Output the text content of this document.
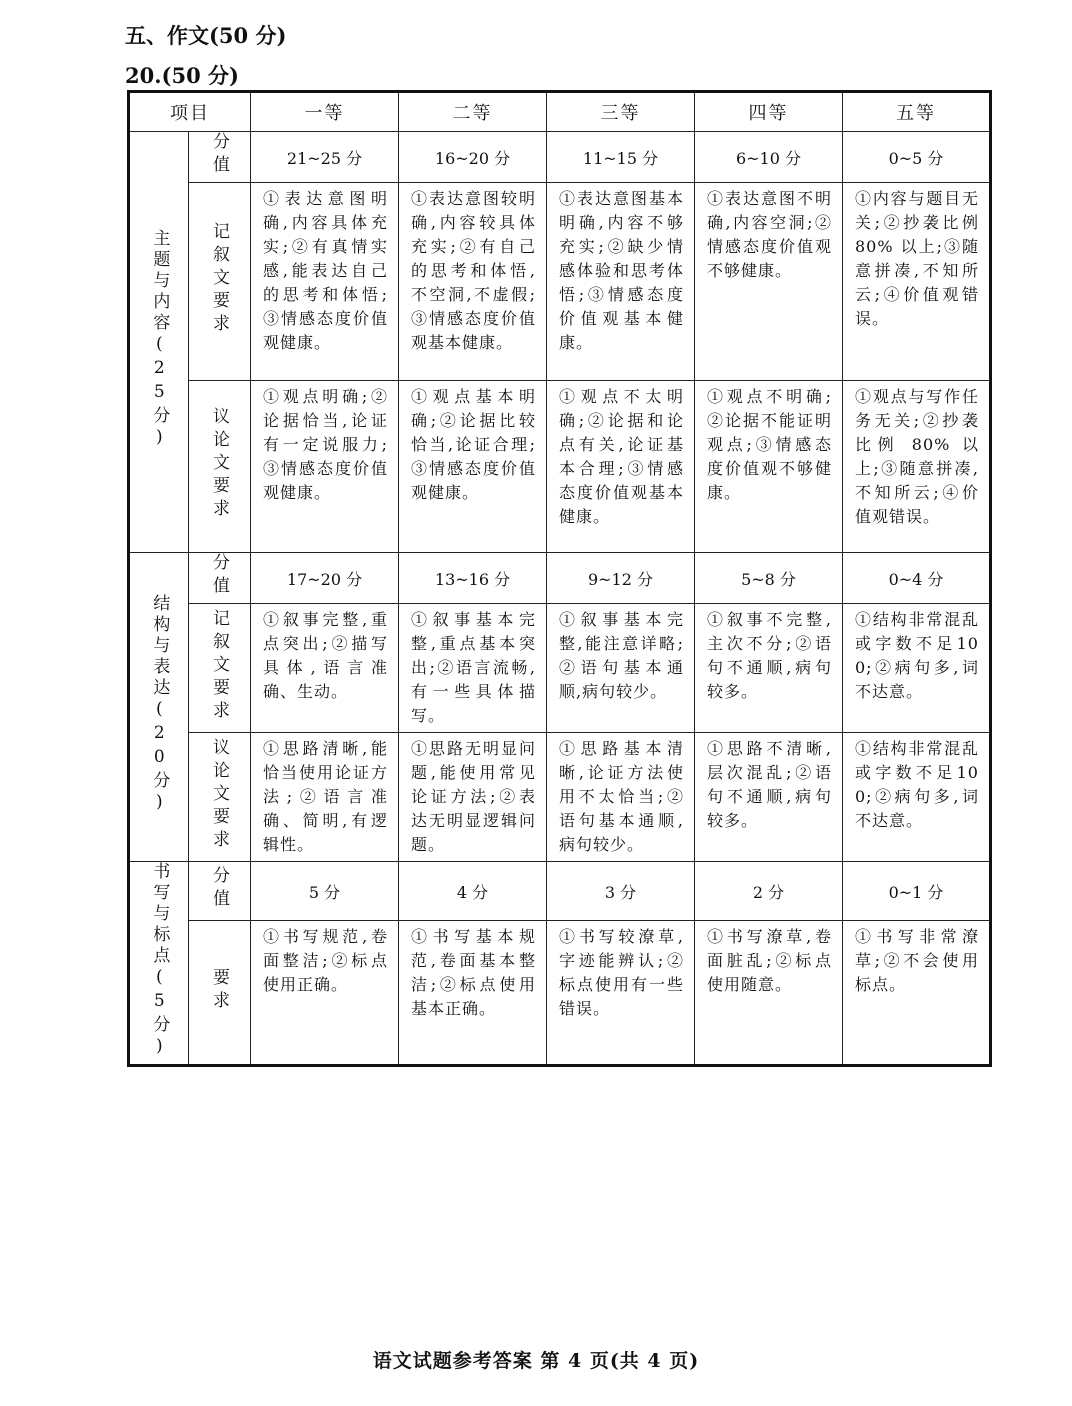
五、作文(50 分)
20.(50 分)
项目		一等	二等	三等	四等	五等
主题与内容(25分)	分值	21~25 分	16~20 分	11~15 分	6~10 分	0~5 分
	记叙文要求	①表达意图明确,内容具体充实;②有真情实感,能表达自己的思考和体悟;③情感态度价值观健康。	①表达意图较明确,内容较具体充实;②有自己的思考和体悟,不空洞,不虚假;③情感态度价值观基本健康。	①表达意图基本明确,内容不够充实;②缺少情感体验和思考体悟;③情感态度价值观基本健康。	①表达意图不明确,内容空洞;②情感态度价值观不够健康。	①内容与题目无关;②抄袭比例 80% 以上;③随意拼凑,不知所云;④价值观错误。

	议论文要求	①观点明确;②论据恰当,论证有一定说服力;③情感态度价值观健康。	①观点基本明确;②论据比较恰当,论证合理;③情感态度价值观健康。	①观点不太明确;②论据和论点有关,论证基本合理;③情感态度价值观基本健康。	①观点不明确;②论据不能证明观点;③情感态度价值观不够健康。	①观点与写作任务无关;②抄袭比例 80% 以上;③随意拼凑,不知所云;④价值观错误。

结构与表达(20分)	分值	17~20 分	13~16 分	9~12 分	5~8 分	0~4 分
	记叙文要求	①叙事完整,重点突出;②描写具体,语言准确、生动。	①叙事基本完整,重点基本突出;②语言流畅,有一些具体描写。	①叙事基本完整,能注意详略;②语句基本通顺,病句较少。	①叙事不完整,主次不分;②语句不通顺,病句较多。	①结构非常混乱或字数不足100;②病句多,词不达意。

	议论文要求	①思路清晰,能恰当使用论证方法;②语言准确、简明,有逻辑性。	①思路无明显问题,能使用常见论证方法;②表达无明显逻辑问题。	①思路基本清晰,论证方法使用不太恰当;②语句基本通顺,病句较少。	①思路不清晰,层次混乱;②语句不通顺,病句较多。	①结构非常混乱或字数不足100;②病句多,词不达意。

书写与标点(5分)	分值	5 分	4 分	3 分	2 分	0~1 分
	要求	①书写规范,卷面整洁;②标点使用正确。	①书写基本规范,卷面基本整洁;②标点使用基本正确。	①书写较潦草,字迹能辨认;②标点使用有一些错误。	①书写潦草,卷面脏乱;②标点使用随意。	①书写非常潦草;②不会使用标点。
语文试题参考答案 第 4 页(共 4 页)
